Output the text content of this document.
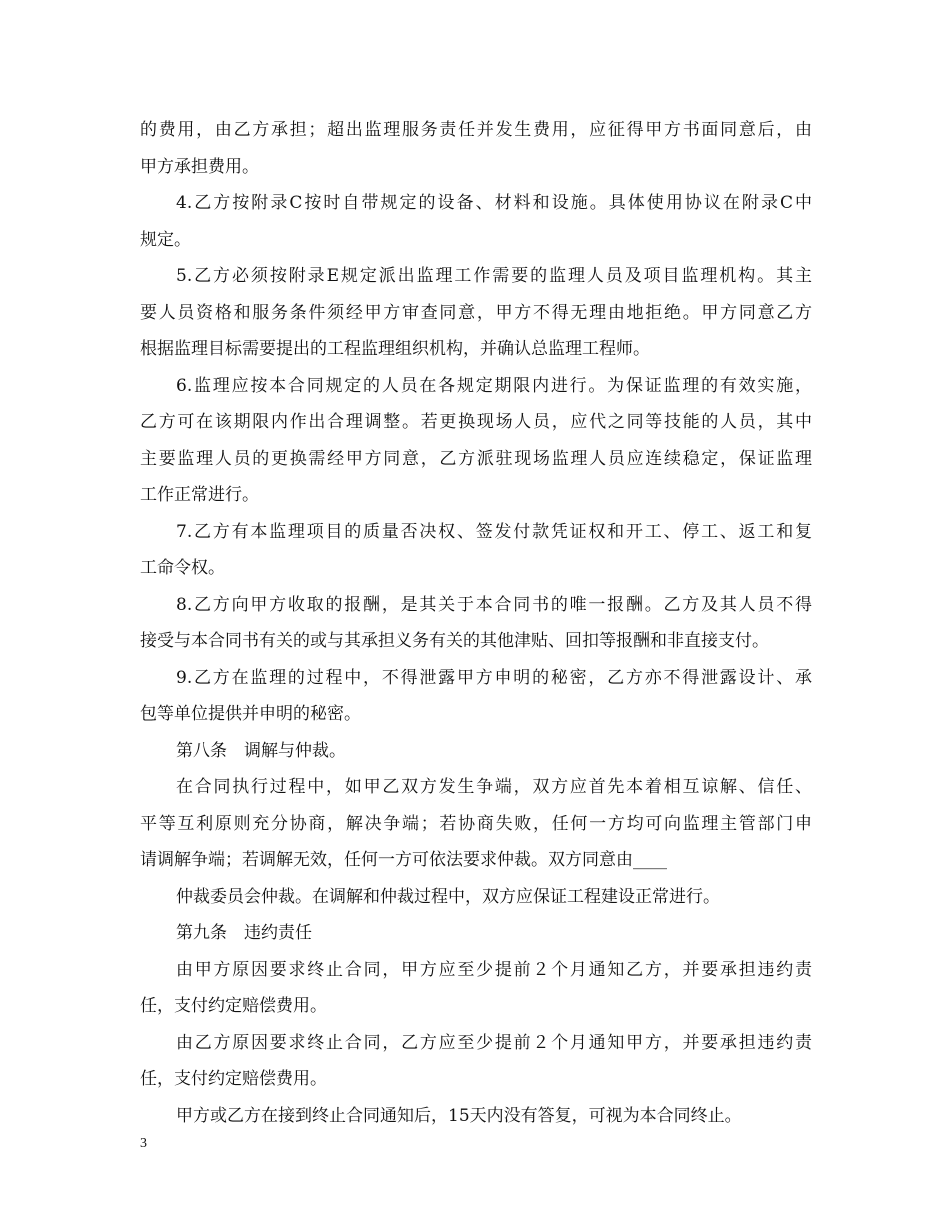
的费用，由乙方承担；超出监理服务责任并发生费用，应征得甲方书面同意后，由
甲方承担费用。
4.乙方按附录C按时自带规定的设备、材料和设施。具体使用协议在附录C中
规定。
5.乙方必须按附录E规定派出监理工作需要的监理人员及项目监理机构。其主
要人员资格和服务条件须经甲方审查同意，甲方不得无理由地拒绝。甲方同意乙方
根据监理目标需要提出的工程监理组织机构，并确认总监理工程师。
6.监理应按本合同规定的人员在各规定期限内进行。为保证监理的有效实施，
乙方可在该期限内作出合理调整。若更换现场人员，应代之同等技能的人员，其中
主要监理人员的更换需经甲方同意，乙方派驻现场监理人员应连续稳定，保证监理
工作正常进行。
7.乙方有本监理项目的质量否决权、签发付款凭证权和开工、停工、返工和复
工命令权。
8.乙方向甲方收取的报酬，是其关于本合同书的唯一报酬。乙方及其人员不得
接受与本合同书有关的或与其承担义务有关的其他津贴、回扣等报酬和非直接支付。
9.乙方在监理的过程中，不得泄露甲方申明的秘密，乙方亦不得泄露设计、承
包等单位提供并申明的秘密。
第八条　调解与仲裁。
在合同执行过程中，如甲乙双方发生争端，双方应首先本着相互谅解、信任、
平等互利原则充分协商，解决争端；若协商失败，任何一方均可向监理主管部门申
请调解争端；若调解无效，任何一方可依法要求仲裁。双方同意由____
仲裁委员会仲裁。在调解和仲裁过程中，双方应保证工程建设正常进行。
第九条　违约责任
由甲方原因要求终止合同，甲方应至少提前２个月通知乙方，并要承担违约责
任，支付约定赔偿费用。
由乙方原因要求终止合同，乙方应至少提前２个月通知甲方，并要承担违约责
任，支付约定赔偿费用。
甲方或乙方在接到终止合同通知后，15天内没有答复，可视为本合同终止。
3
